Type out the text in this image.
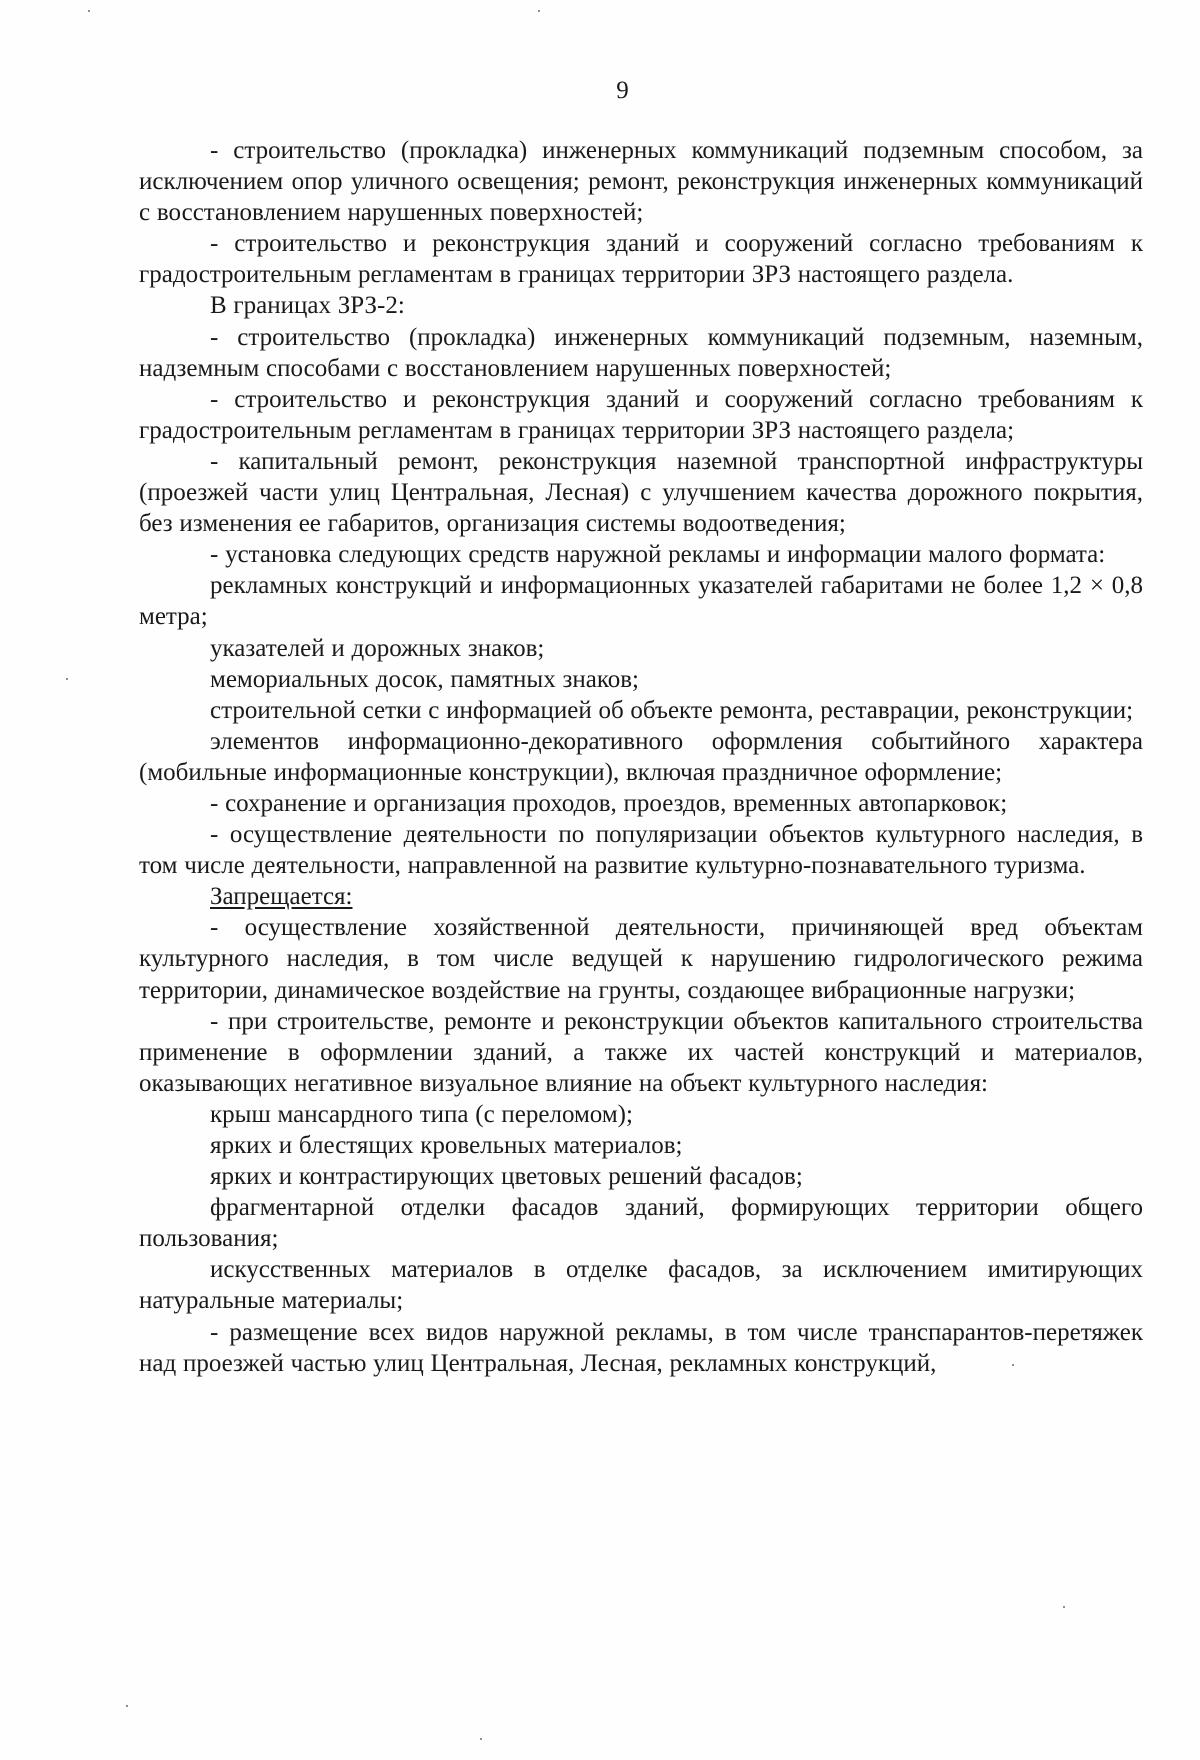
9

- строительство (прокладка) инженерных коммуникаций подземным способом, за исключением опор уличного освещения; ремонт, реконструкция инженерных коммуникаций с восстановлением нарушенных поверхностей;

- строительство и реконструкция зданий и сооружений согласно требованиям к градостроительным регламентам в границах территории ЗРЗ настоящего раздела.

В границах ЗРЗ-2:

- строительство (прокладка) инженерных коммуникаций подземным, наземным, надземным способами с восстановлением нарушенных поверхностей;

- строительство и реконструкция зданий и сооружений согласно требованиям к градостроительным регламентам в границах территории ЗРЗ настоящего раздела;

- капитальный ремонт, реконструкция наземной транспортной инфраструктуры (проезжей части улиц Центральная, Лесная) с улучшением качества дорожного покрытия, без изменения ее габаритов, организация системы водоотведения;

- установка следующих средств наружной рекламы и информации малого формата:

рекламных конструкций и информационных указателей габаритами не более 1,2 × 0,8 метра;

указателей и дорожных знаков;

мемориальных досок, памятных знаков;

строительной сетки с информацией об объекте ремонта, реставрации, реконструкции;

элементов информационно-декоративного оформления событийного характера (мобильные информационные конструкции), включая праздничное оформление;

- сохранение и организация проходов, проездов, временных автопарковок;

- осуществление деятельности по популяризации объектов культурного наследия, в том числе деятельности, направленной на развитие культурно-познавательного туризма.

Запрещается:

- осуществление хозяйственной деятельности, причиняющей вред объектам культурного наследия, в том числе ведущей к нарушению гидрологического режима территории, динамическое воздействие на грунты, создающее вибрационные нагрузки;

- при строительстве, ремонте и реконструкции объектов капитального строительства применение в оформлении зданий, а также их частей конструкций и материалов, оказывающих негативное визуальное влияние на объект культурного наследия:

крыш мансардного типа (с переломом);

ярких и блестящих кровельных материалов;

ярких и контрастирующих цветовых решений фасадов;

фрагментарной отделки фасадов зданий, формирующих территории общего пользования;

искусственных материалов в отделке фасадов, за исключением имитирующих натуральные материалы;

- размещение всех видов наружной рекламы, в том числе транспарантов-перетяжек над проезжей частью улиц Центральная, Лесная, рекламных конструкций,
